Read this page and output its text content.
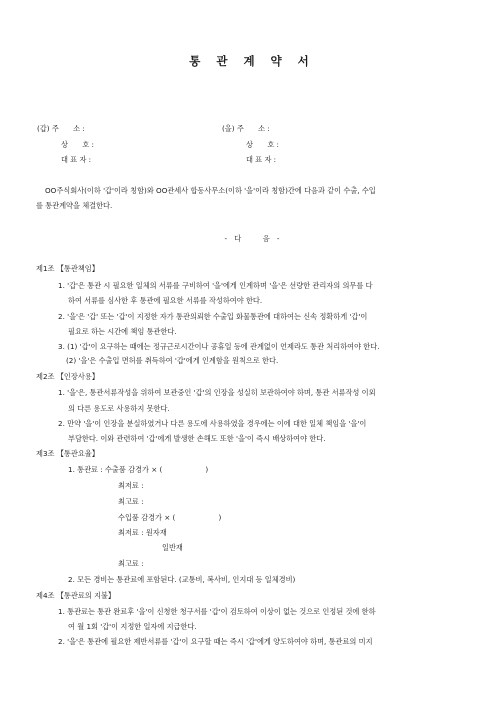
통 관 계 약 서
(갑) 주　　소 :
상　　호 :
대 표 자 :
(을) 주　　소 :
상　　호 :
대 표 자 :
OO주식회사(이하 '갑'이라 칭함)와 OO관세사 합동사무소(이하 '을'이라 칭함)간에 다음과 같이 수출, 수입
를 통관계약을 체결한다.
-　다　　　음　-
제1조 【통관책임】
1. '갑'은 통관 시 필요한 일체의 서류를 구비하여 '을'에게 인계하며 '을'은 선량한 관리자의 의무를 다
하여 서류를 심사한 후 통관에 필요한 서류를 작성하여야 한다.
2. '을'은 '갑' 또는 '갑'이 지정한 자가 통관의뢰한 수출입 화물통관에 대하여는 신속 정확하게 '갑'이
필요로 하는 시간에 책임 통관한다.
3. (1) '갑'이 요구하는 때에는 정규근로시간이나 공휴일 등에 관계없이 언제라도 통관 처리하여야 한다.
(2) '을'은 수출입 면허를 취득하여 '갑'에게 인계함을 원칙으로 한다.
제2조 【인장사용】
1. '을'은, 통관서류작성을 위하여 보관중인 '갑'의 인장을 성실히 보관하여야 하며, 통관 서류작성 이외
의 다른 용도로 사용하지 못한다.
2. 만약 '을'이 인장을 분실하였거나 다른 용도에 사용하였을 경우에는 이에 대한 일체 책임을 '을'이
부담한다. 이와 관련하여 '갑'에게 발생한 손해도 또한 '을'이 즉시 배상하여야 한다.
제3조 【통관요율】
1. 통관료 : 수출품 감경가 × (　　　　　　)
최저료 :
최고료 :
수입품 감경가 × (　　　　　　)
최저료 : 원자재
일반재
최고료 :
2. 모든 경비는 통관료에 포함된다. (교통비, 복사비, 인지대 등 일체경비)
제4조 【통관료의 지불】
1. 통관료는 통관 완료후 '을'이 신청한 청구서를 '갑'이 검토하여 이상이 없는 것으로 인정된 것에 한하
여 월 1회 '갑'이 지정한 일자에 지급한다.
2. '을'은 통관에 필요한 제반서류를 '갑'이 요구할 때는 즉시 '갑'에게 양도하여야 하며, 통관료의 미지
